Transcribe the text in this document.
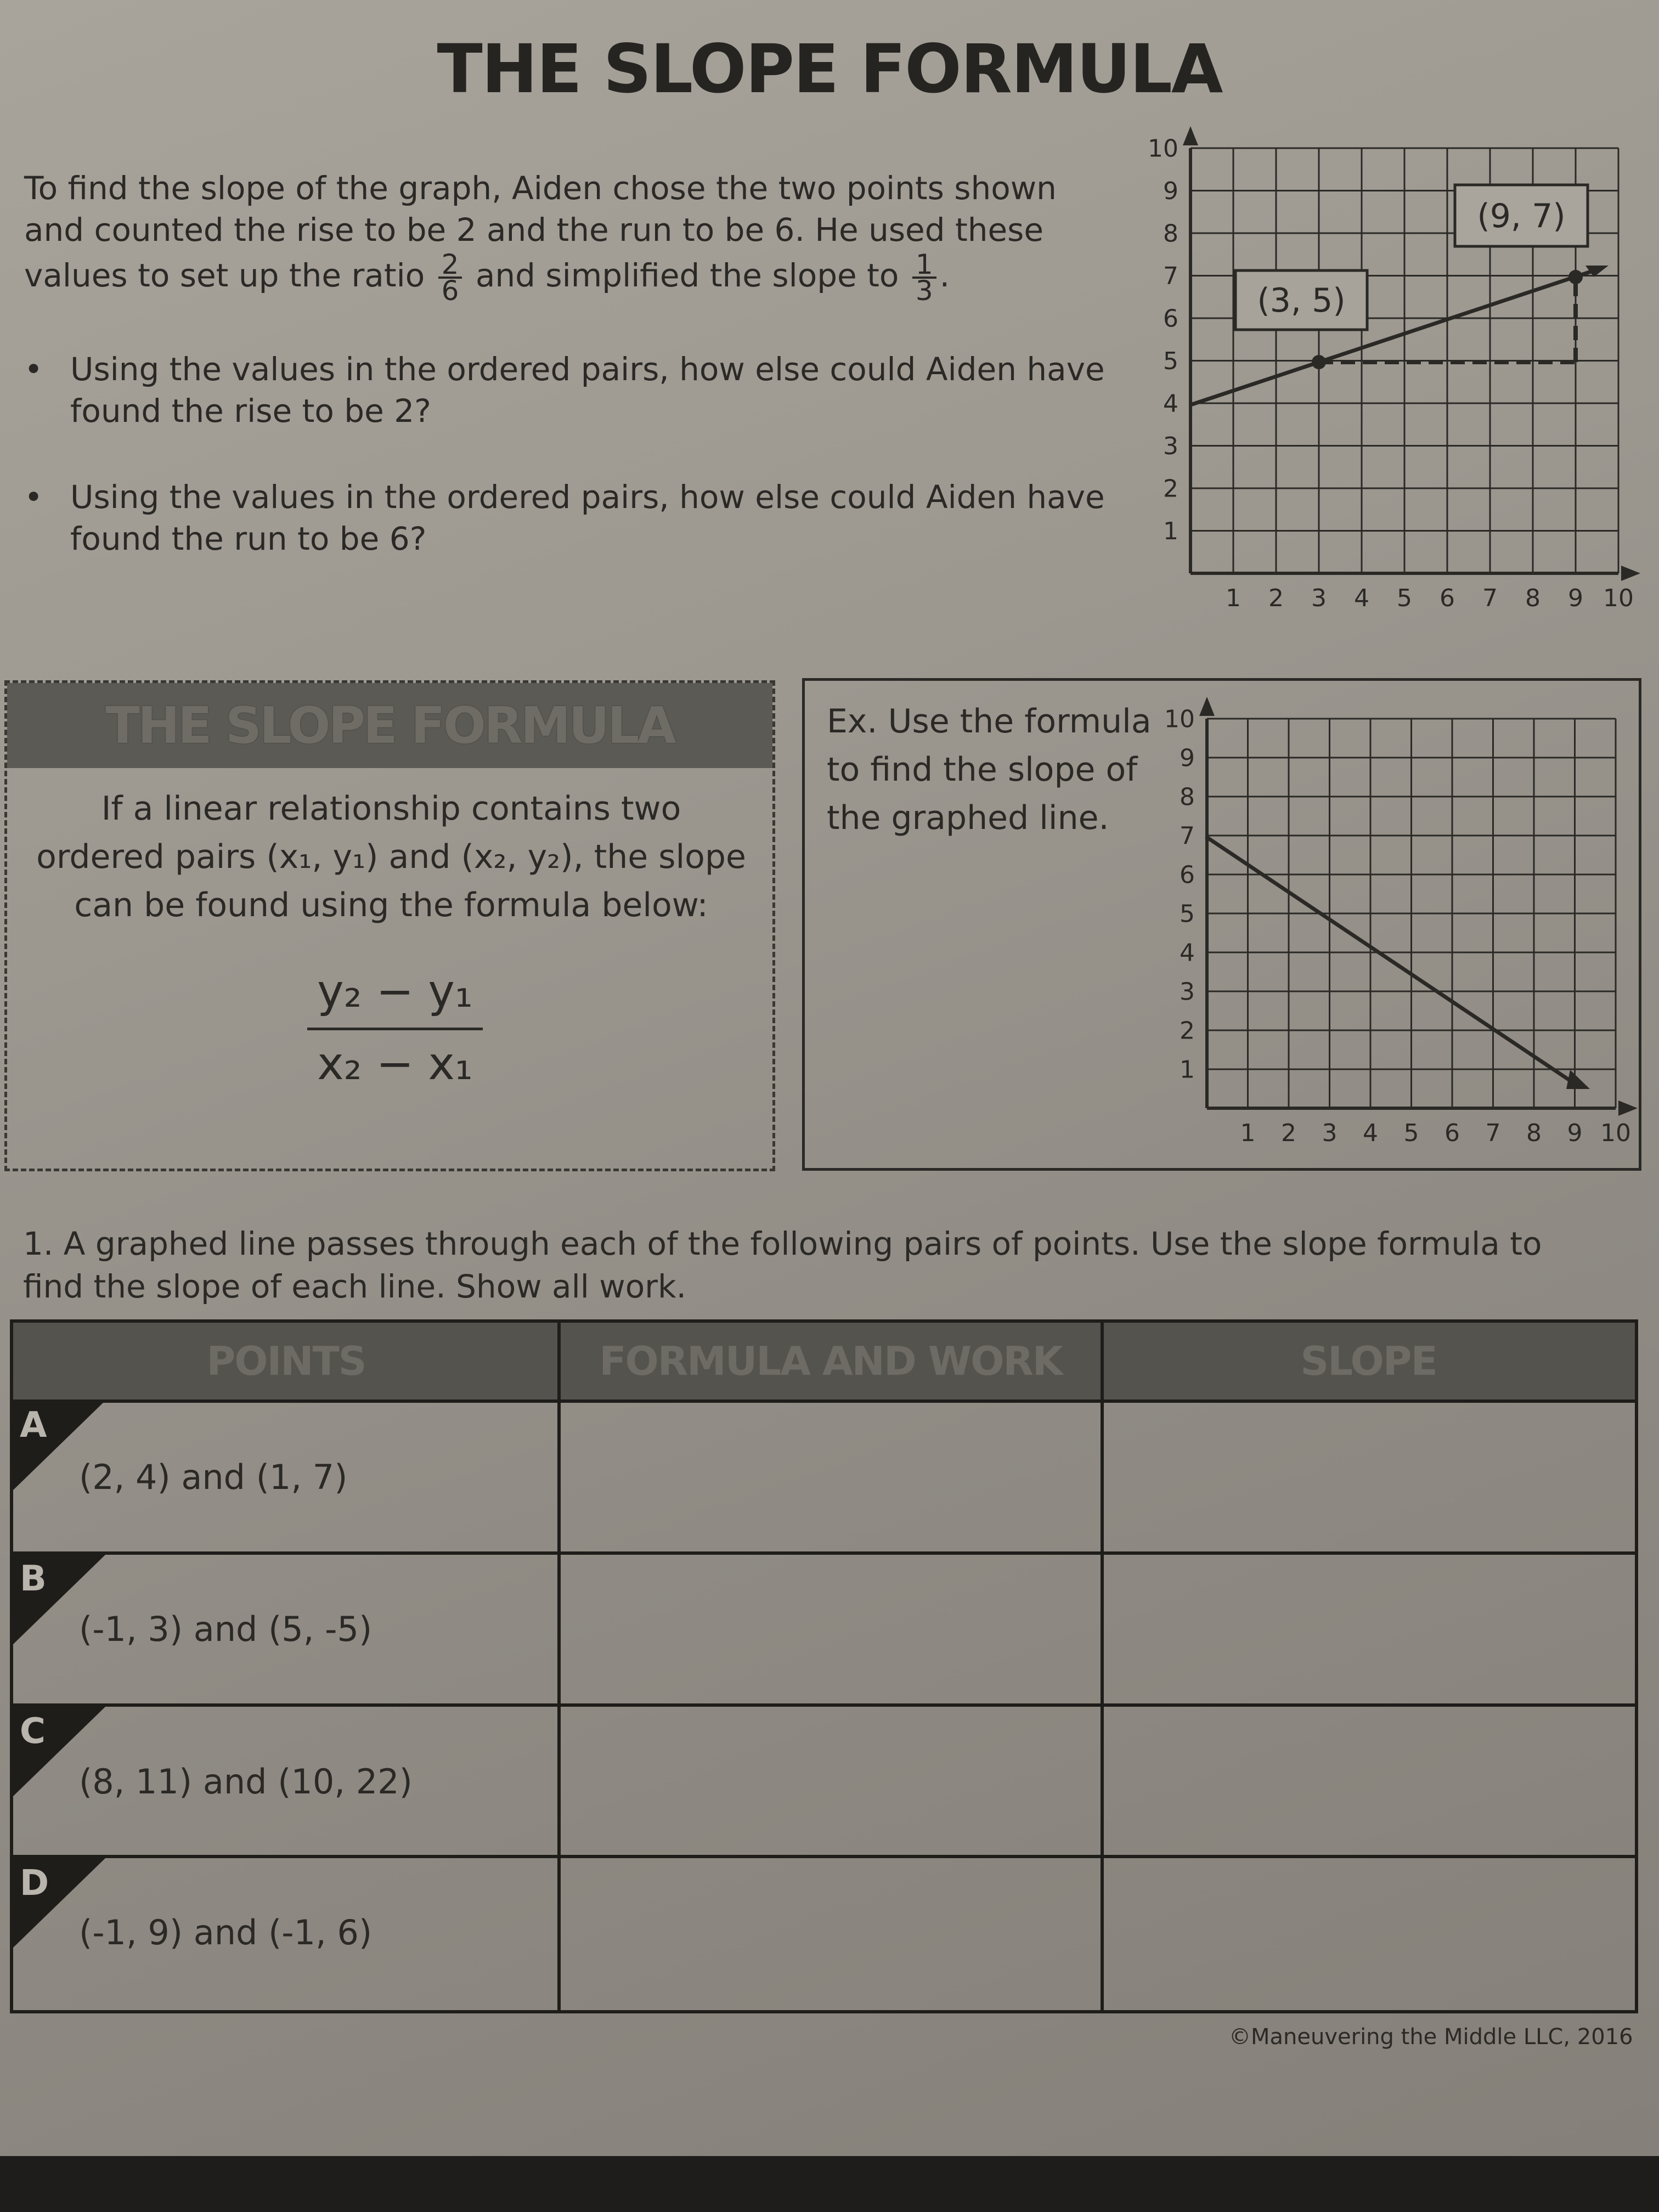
THE SLOPE FORMULA
To find the slope of the graph, Aiden chose the two points shown
and counted the rise to be 2 and the run to be 6. He used these
values to set up the ratio $\frac{2}{6}$ and simplified the slope to $\frac{1}{3}$ .
• Using the values in the ordered pairs, how else could Aiden have found the rise to be 2?
• Using the values in the ordered pairs, how else could Aiden have found the run to be 6?
1 2 3 4 5 6 7 8 9 10
1
2
3
4
5
6
7
8
9
10
(3, 5)
(9, 7)
THE SLOPE FORMULA
If a linear relationship contains two
ordered pairs (x₁, y₁) and (x₂, y₂), the slope
can be found using the formula below:
$\frac{\text{y₂ − y₁}}{\text{x₂ − x₁}}$
Ex. Use the formula
to find the slope of
the graphed line.
1 2 3 4 5 6 7 8 9 10
1
2
3
4
5
6
7
8
9
10
1. A graphed line passes through each of the following pairs of points. Use the slope formula to
find the slope of each line. Show all work.
POINTS	FORMULA AND WORK	SLOPE
A
(2, 4) and (1, 7)
B
(-1, 3) and (5, -5)
C
(8, 11) and (10, 22)
D
(-1, 9) and (-1, 6)
©Maneuvering the Middle LLC, 2016
